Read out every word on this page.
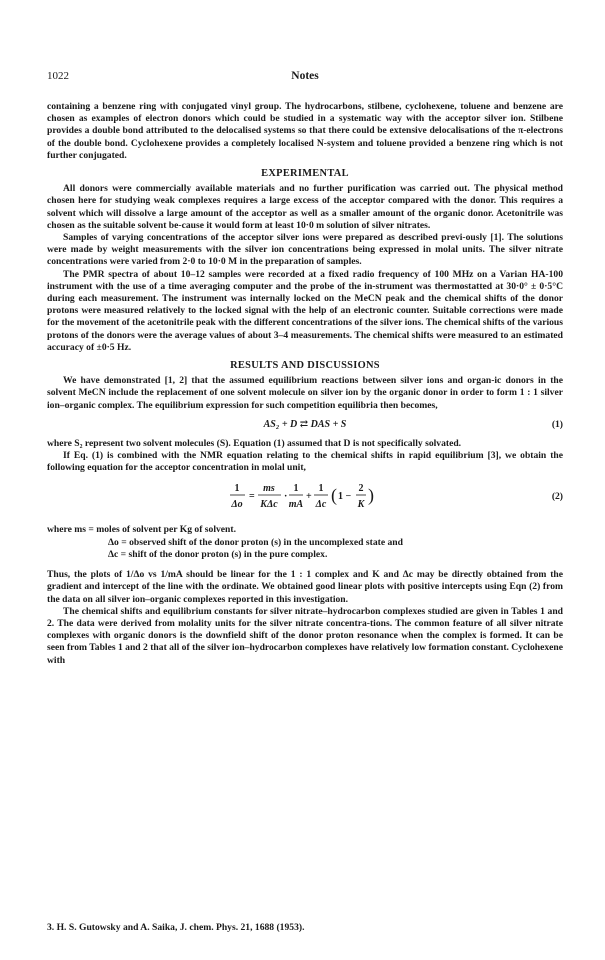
1022	Notes

containing a benzene ring with conjugated vinyl group. The hydrocarbons, stilbene, cyclohexene, toluene and benzene are chosen as examples of electron donors which could be studied in a systematic way with the acceptor silver ion. Stilbene provides a double bond attributed to the delocalised systems so that there could be extensive delocalisations of the π-electrons of the double bond. Cyclohexene provides a completely localised N-system and toluene provided a benzene ring which is not further conjugated.

EXPERIMENTAL

All donors were commercially available materials and no further purification was carried out. The physical method chosen here for studying weak complexes requires a large excess of the acceptor compared with the donor. This requires a solvent which will dissolve a large amount of the acceptor as well as a smaller amount of the organic donor. Acetonitrile was chosen as the suitable solvent be-cause it would form at least 10·0 m solution of silver nitrates.

Samples of varying concentrations of the acceptor silver ions were prepared as described previ-ously [1]. The solutions were made by weight measurements with the silver ion concentrations being expressed in molal units. The silver nitrate concentrations were varied from 2·0 to 10·0 M in the preparation of samples.

The PMR spectra of about 10–12 samples were recorded at a fixed radio frequency of 100 MHz on a Varian HA-100 instrument with the use of a time averaging computer and the probe of the in-strument was thermostatted at 30·0° ± 0·5°C during each measurement. The instrument was internally locked on the MeCN peak and the chemical shifts of the donor protons were measured relatively to the locked signal with the help of an electronic counter. Suitable corrections were made for the movement of the acetonitrile peak with the different concentrations of the silver ions. The chemical shifts of the various protons of the donors were the average values of about 3–4 measurements. The chemical shifts were measured to an estimated accuracy of ±0·5 Hz.

RESULTS AND DISCUSSIONS

We have demonstrated [1, 2] that the assumed equilibrium reactions between silver ions and organ-ic donors in the solvent MeCN include the replacement of one solvent molecule on silver ion by the organic donor in order to form 1 : 1 silver ion–organic complex. The equilibrium expression for such competition equilibria then becomes,

AS₂ + D ⇄ DAS + S	(1)

where S₂ represent two solvent molecules (S). Equation (1) assumed that D is not specifically solvated.

If Eq. (1) is combined with the NMR equation relating to the chemical shifts in rapid equilibrium [3], we obtain the following equation for the acceptor concentration in molal unit,

1
Δo
=
ms
KΔc
·
1
mA
+
1
Δc ( 1 −
2
K )	(2)
where ms = moles of solvent per Kg of solvent.
Δo = observed shift of the donor proton (s) in the uncomplexed state and
Δc = shift of the donor proton (s) in the pure complex.

Thus, the plots of 1/Δo vs 1/mA should be linear for the 1 : 1 complex and K and Δc may be directly obtained from the gradient and intercept of the line with the ordinate. We obtained good linear plots with positive intercepts using Eqn (2) from the data on all silver ion–organic complexes reported in this investigation.

The chemical shifts and equilibrium constants for silver nitrate–hydrocarbon complexes studied are given in Tables 1 and 2. The data were derived from molality units for the silver nitrate concentra-tions. The common feature of all silver nitrate complexes with organic donors is the downfield shift of the donor proton resonance when the complex is formed. It can be seen from Tables 1 and 2 that all of the silver ion–hydrocarbon complexes have relatively low formation constant. Cyclohexene with

3. H. S. Gutowsky and A. Saika, J. chem. Phys. 21, 1688 (1953).
